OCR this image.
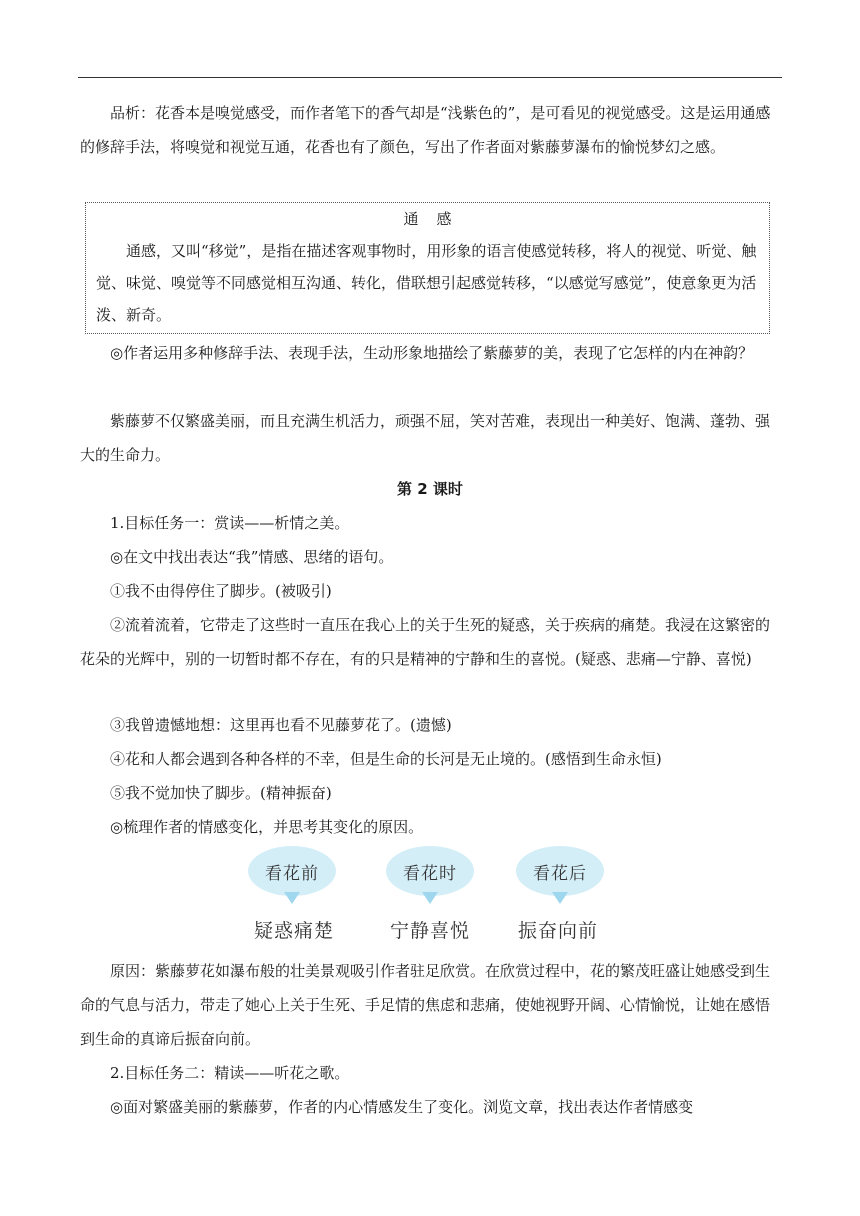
品析：花香本是嗅觉感受，而作者笔下的香气却是“浅紫色的”，是可看见的视觉感受。这是运用通感的修辞手法，将嗅觉和视觉互通，花香也有了颜色，写出了作者面对紫藤萝瀑布的愉悦梦幻之感。

通感

通感，又叫“移觉”，是指在描述客观事物时，用形象的语言使感觉转移，将人的视觉、听觉、触觉、味觉、嗅觉等不同感觉相互沟通、转化，借联想引起感觉转移，“以感觉写感觉”，使意象更为活泼、新奇。

◎作者运用多种修辞手法、表现手法，生动形象地描绘了紫藤萝的美，表现了它怎样的内在神韵？

紫藤萝不仅繁盛美丽，而且充满生机活力，顽强不屈，笑对苦难，表现出一种美好、饱满、蓬勃、强大的生命力。

第 2 课时

1.目标任务一：赏读——析情之美。

◎在文中找出表达“我”情感、思绪的语句。

①我不由得停住了脚步。(被吸引)

②流着流着，它带走了这些时一直压在我心上的关于生死的疑惑，关于疾病的痛楚。我浸在这繁密的花朵的光辉中，别的一切暂时都不存在，有的只是精神的宁静和生的喜悦。(疑惑、悲痛—宁静、喜悦)

③我曾遗憾地想：这里再也看不见藤萝花了。(遗憾)

④花和人都会遇到各种各样的不幸，但是生命的长河是无止境的。(感悟到生命永恒)

⑤我不觉加快了脚步。(精神振奋)

◎梳理作者的情感变化，并思考其变化的原因。

看花前	看花时	看花后
疑惑痛楚	宁静喜悦	振奋向前

原因：紫藤萝花如瀑布般的壮美景观吸引作者驻足欣赏。在欣赏过程中，花的繁茂旺盛让她感受到生命的气息与活力，带走了她心上关于生死、手足情的焦虑和悲痛，使她视野开阔、心情愉悦，让她在感悟到生命的真谛后振奋向前。

2.目标任务二：精读——听花之歌。

◎面对繁盛美丽的紫藤萝，作者的内心情感发生了变化。浏览文章，找出表达作者情感变
